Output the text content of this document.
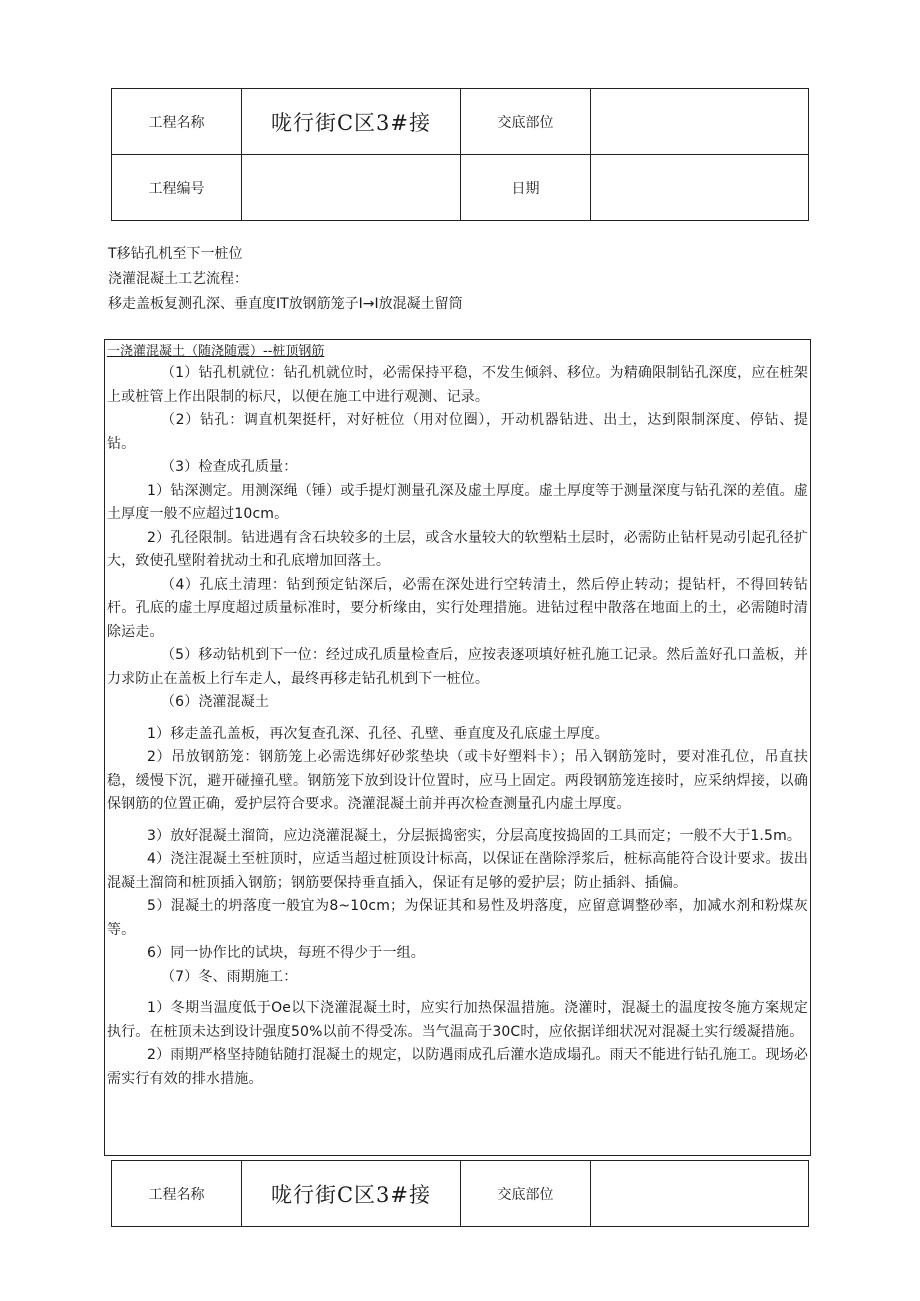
工程名称	咙行街C区3#接	交底部位	
工程编号		日期	
T移钻孔机至下一桩位
浇灌混凝土工艺流程：
移走盖板复测孔深、垂直度IT放钢筋笼子I→I放混凝土留筒
一浇灌混凝土（随浇随震）--桩顶钢筋

（1）钻孔机就位：钻孔机就位时，必需保持平稳，不发生倾斜、移位。为精确限制钻孔深度，应在桩架上或桩管上作出限制的标尺，以便在施工中进行观测、记录。

（2）钻孔：调直机架挺杆，对好桩位（用对位圈），开动机器钻进、出土，达到限制深度、停钻、提钻。

（3）检查成孔质量：

1）钻深测定。用测深绳（锤）或手提灯测量孔深及虚土厚度。虚土厚度等于测量深度与钻孔深的差值。虚土厚度一般不应超过10cm。

2）孔径限制。钻进遇有含石块较多的土层，或含水量较大的软塑粘土层时，必需防止钻杆晃动引起孔径扩大，致使孔壁附着扰动土和孔底增加回落土。

（4）孔底土清理：钻到预定钻深后，必需在深处进行空转清土，然后停止转动；提钻杆，不得回转钻杆。孔底的虚土厚度超过质量标准时，要分析缘由，实行处理措施。进钻过程中散落在地面上的土，必需随时清除运走。

（5）移动钻机到下一位：经过成孔质量检查后，应按表逐项填好桩孔施工记录。然后盖好孔口盖板，并力求防止在盖板上行车走人，最终再移走钻孔机到下一桩位。

（6）浇灌混凝土

1）移走盖孔盖板，再次复查孔深、孔径、孔壁、垂直度及孔底虚土厚度。

2）吊放钢筋笼：钢筋笼上必需选绑好砂浆垫块（或卡好塑料卡）；吊入钢筋笼时，要对准孔位，吊直扶稳，缓慢下沉，避开碰撞孔壁。钢筋笼下放到设计位置时，应马上固定。两段钢筋笼连接时，应采纳焊接，以确保钢筋的位置正确，爱护层符合要求。浇灌混凝土前并再次检查测量孔内虚土厚度。

3）放好混凝土溜筒，应边浇灌混凝土，分层振捣密实，分层高度按捣固的工具而定；一般不大于1.5m。

4）浇注混凝土至桩顶时，应适当超过桩顶设计标高，以保证在凿除浮浆后，桩标高能符合设计要求。拔出混凝土溜筒和桩顶插入钢筋；钢筋要保持垂直插入，保证有足够的爱护层；防止插斜、插偏。

5）混凝土的坍落度一般宜为8~10cm；为保证其和易性及坍落度，应留意调整砂率，加减水剂和粉煤灰等。

6）同一协作比的试块，每班不得少于一组。

（7）冬、雨期施工：

1）冬期当温度低于Oe以下浇灌混凝土时，应实行加热保温措施。浇灌时，混凝土的温度按冬施方案规定执行。在桩顶未达到设计强度50%以前不得受冻。当气温高于30C时，应依据详细状况对混凝土实行缓凝措施。

2）雨期严格坚持随钻随打混凝土的规定，以防遇雨成孔后灌水造成塌孔。雨天不能进行钻孔施工。现场必需实行有效的排水措施。

工程名称	咙行街C区3#接	交底部位	
